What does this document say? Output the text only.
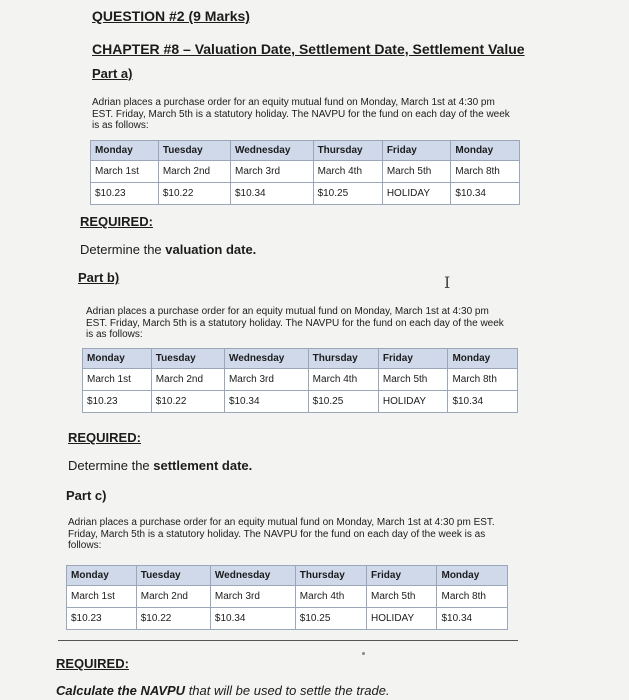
QUESTION #2 (9 Marks)
CHAPTER #8 – Valuation Date, Settlement Date, Settlement Value
Part a)
Adrian places a purchase order for an equity mutual fund on Monday, March 1st at 4:30 pm EST. Friday, March 5th is a statutory holiday. The NAVPU for the fund on each day of the week is as follows:
Monday	Tuesday	Wednesday	Thursday	Friday	Monday
March 1st	March 2nd	March 3rd	March 4th	March 5th	March 8th
$10.23	$10.22	$10.34	$10.25	HOLIDAY	$10.34
REQUIRED:
Determine the valuation date.
Part b)	I
Adrian places a purchase order for an equity mutual fund on Monday, March 1st at 4:30 pm EST. Friday, March 5th is a statutory holiday. The NAVPU for the fund on each day of the week is as follows:
Monday	Tuesday	Wednesday	Thursday	Friday	Monday
March 1st	March 2nd	March 3rd	March 4th	March 5th	March 8th
$10.23	$10.22	$10.34	$10.25	HOLIDAY	$10.34
REQUIRED:
Determine the settlement date.
Part c)
Adrian places a purchase order for an equity mutual fund on Monday, March 1st at 4:30 pm EST. Friday, March 5th is a statutory holiday. The NAVPU for the fund on each day of the week is as follows:
Monday	Tuesday	Wednesday	Thursday	Friday	Monday
March 1st	March 2nd	March 3rd	March 4th	March 5th	March 8th
$10.23	$10.22	$10.34	$10.25	HOLIDAY	$10.34
REQUIRED:
Calculate the NAVPU that will be used to settle the trade.
